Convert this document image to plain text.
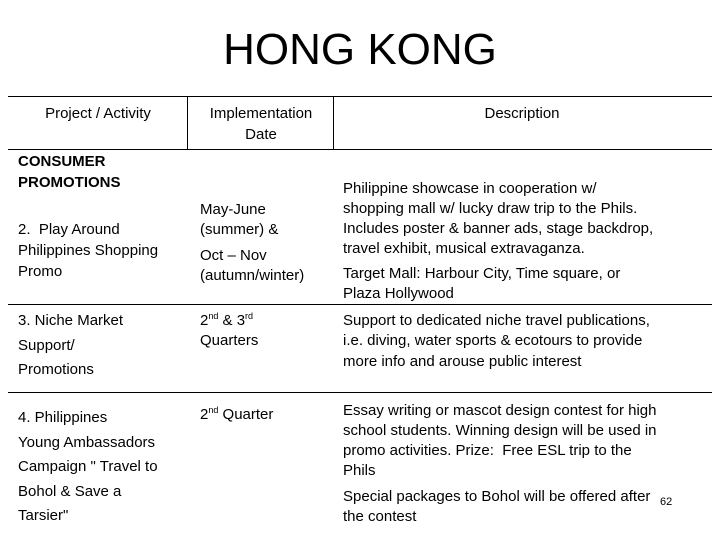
HONG KONG
Project / Activity	Implementation
Date
Description
CONSUMER
PROMOTIONS
2.  Play Around
Philippines Shopping
Promo
May-June
(summer) &
Oct – Nov
(autumn/winter)
Philippine showcase in cooperation w/
shopping mall w/ lucky draw trip to the Phils.
Includes poster & banner ads, stage backdrop,
travel exhibit, musical extravaganza.
Target Mall: Harbour City, Time square, or
Plaza Hollywood
3. Niche Market
Support/
Promotions
2nd & 3rd
Quarters
Support to dedicated niche travel publications,
i.e. diving, water sports & ecotours to provide
more info and arouse public interest
4. Philippines
Young Ambassadors
Campaign " Travel to
Bohol & Save a
Tarsier"
2nd Quarter	Essay writing or mascot design contest for high
school students. Winning design will be used in
promo activities. Prize:  Free ESL trip to the
Phils
Special packages to Bohol will be offered after
the contest
62
